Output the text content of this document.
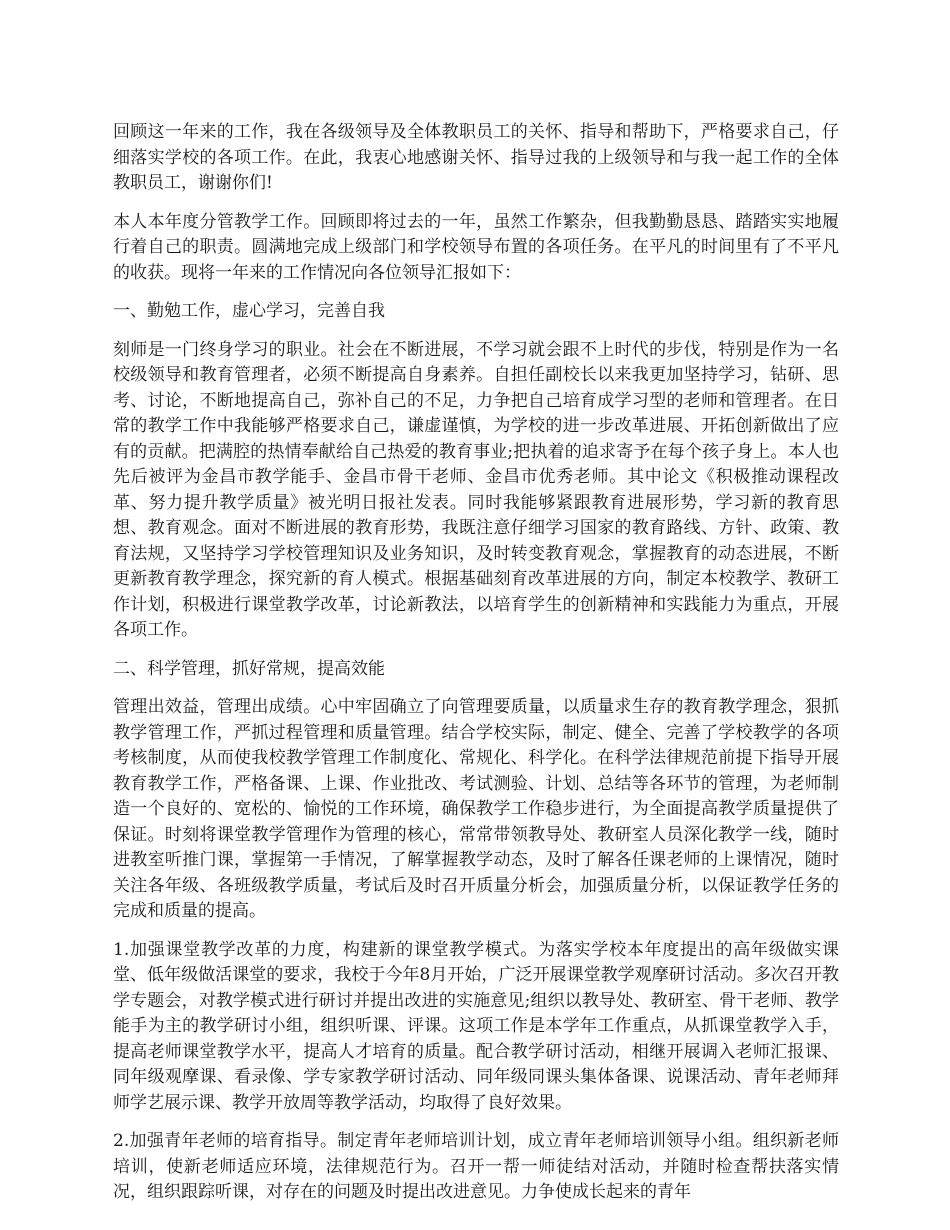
回顾这一年来的工作，我在各级领导及全体教职员工的关怀、指导和帮助下，严格要求自己，仔细落实学校的各项工作。在此，我衷心地感谢关怀、指导过我的上级领导和与我一起工作的全体教职员工，谢谢你们!

本人本年度分管教学工作。回顾即将过去的一年，虽然工作繁杂，但我勤勤恳恳、踏踏实实地履行着自己的职责。圆满地完成上级部门和学校领导布置的各项任务。在平凡的时间里有了不平凡的收获。现将一年来的工作情况向各位领导汇报如下：

一、勤勉工作，虚心学习，完善自我

刻师是一门终身学习的职业。社会在不断进展，不学习就会跟不上时代的步伐，特别是作为一名校级领导和教育管理者，必须不断提高自身素养。自担任副校长以来我更加坚持学习，钻研、思考、讨论，不断地提高自己，弥补自己的不足，力争把自己培育成学习型的老师和管理者。在日常的教学工作中我能够严格要求自己，谦虚谨慎，为学校的进一步改革进展、开拓创新做出了应有的贡献。把满腔的热情奉献给自己热爱的教育事业;把执着的追求寄予在每个孩子身上。本人也先后被评为金昌市教学能手、金昌市骨干老师、金昌市优秀老师。其中论文《积极推动课程改革、努力提升教学质量》被光明日报社发表。同时我能够紧跟教育进展形势，学习新的教育思想、教育观念。面对不断进展的教育形势，我既注意仔细学习国家的教育路线、方针、政策、教育法规，又坚持学习学校管理知识及业务知识，及时转变教育观念，掌握教育的动态进展，不断更新教育教学理念，探究新的育人模式。根据基础刻育改革进展的方向，制定本校教学、教研工作计划，积极进行课堂教学改革，讨论新教法，以培育学生的创新精神和实践能力为重点，开展各项工作。

二、科学管理，抓好常规，提高效能

管理出效益，管理出成绩。心中牢固确立了向管理要质量，以质量求生存的教育教学理念，狠抓教学管理工作，严抓过程管理和质量管理。结合学校实际，制定、健全、完善了学校教学的各项考核制度，从而使我校教学管理工作制度化、常规化、科学化。在科学法律规范前提下指导开展教育教学工作，严格备课、上课、作业批改、考试测验、计划、总结等各环节的管理，为老师制造一个良好的、宽松的、愉悦的工作环境，确保教学工作稳步进行，为全面提高教学质量提供了保证。时刻将课堂教学管理作为管理的核心，常常带领教导处、教研室人员深化教学一线，随时进教室听推门课，掌握第一手情况，了解掌握教学动态，及时了解各任课老师的上课情况，随时关注各年级、各班级教学质量，考试后及时召开质量分析会，加强质量分析，以保证教学任务的完成和质量的提高。

1.加强课堂教学改革的力度，构建新的课堂教学模式。为落实学校本年度提出的高年级做实课堂、低年级做活课堂的要求，我校于今年8月开始，广泛开展课堂教学观摩研讨活动。多次召开教学专题会，对教学模式进行研讨并提出改进的实施意见;组织以教导处、教研室、骨干老师、教学能手为主的教学研讨小组，组织听课、评课。这项工作是本学年工作重点，从抓课堂教学入手，提高老师课堂教学水平，提高人才培育的质量。配合教学研讨活动，相继开展调入老师汇报课、同年级观摩课、看录像、学专家教学研讨活动、同年级同课头集体备课、说课活动、青年老师拜师学艺展示课、教学开放周等教学活动，均取得了良好效果。

2.加强青年老师的培育指导。制定青年老师培训计划，成立青年老师培训领导小组。组织新老师培训，使新老师适应环境，法律规范行为。召开一帮一师徒结对活动，并随时检查帮扶落实情况，组织跟踪听课，对存在的问题及时提出改进意见。力争使成长起来的青年
